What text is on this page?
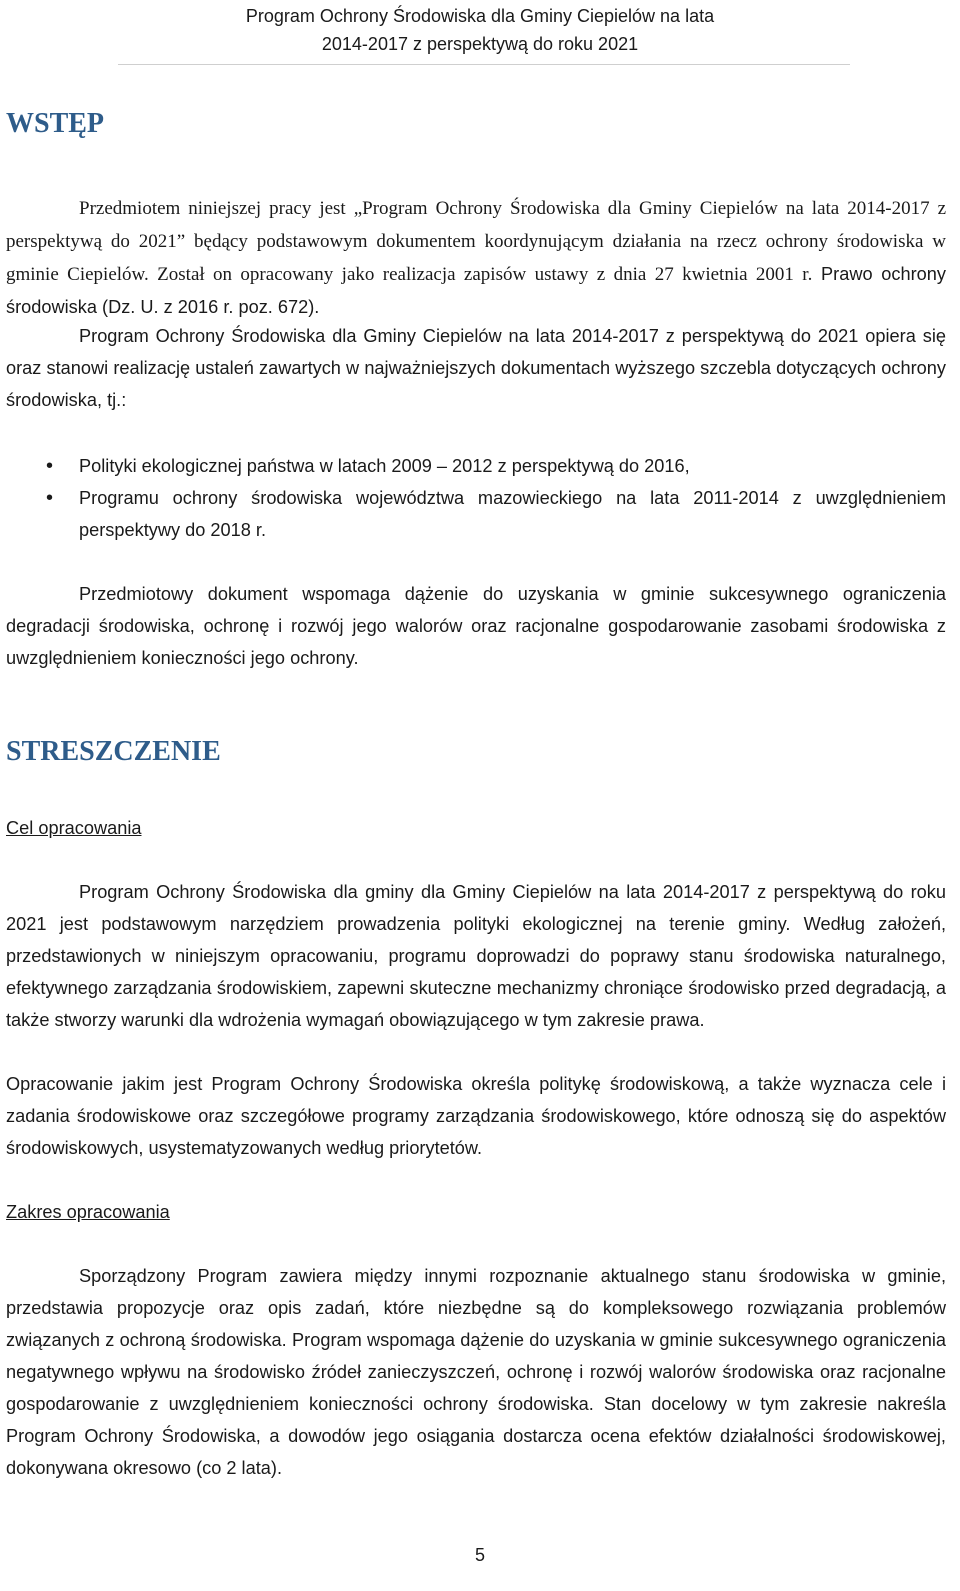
Program Ochrony Środowiska dla Gminy Ciepielów na lata
2014-2017 z perspektywą do roku 2021
WSTĘP

Przedmiotem niniejszej pracy jest „Program Ochrony Środowiska dla Gminy Ciepielów na lata 2014-2017 z perspektywą do 2021” będący podstawowym dokumentem koordynującym działania na rzecz ochrony środowiska w gminie Ciepielów. Został on opracowany jako realizacja zapisów ustawy z dnia 27 kwietnia 2001 r. Prawo ochrony środowiska (Dz. U. z 2016 r. poz. 672).

Program Ochrony Środowiska dla Gminy Ciepielów na lata 2014-2017 z perspektywą do 2021 opiera się oraz stanowi realizację ustaleń zawartych w najważniejszych dokumentach wyższego szczebla dotyczących ochrony środowiska, tj.:

• Polityki ekologicznej państwa w latach 2009 – 2012 z perspektywą do 2016,
• Programu ochrony środowiska województwa mazowieckiego na lata 2011-2014 z uwzględnieniem perspektywy do 2018 r.

Przedmiotowy dokument wspomaga dążenie do uzyskania w gminie sukcesywnego ograniczenia degradacji środowiska, ochronę i rozwój jego walorów oraz racjonalne gospodarowanie zasobami środowiska z uwzględnieniem konieczności jego ochrony.

STRESZCZENIE
Cel opracowania

Program Ochrony Środowiska dla gminy dla Gminy Ciepielów na lata 2014-2017 z perspektywą do roku 2021 jest podstawowym narzędziem prowadzenia polityki ekologicznej na terenie gminy. Według założeń, przedstawionych w niniejszym opracowaniu, programu doprowadzi do poprawy stanu środowiska naturalnego, efektywnego zarządzania środowiskiem, zapewni skuteczne mechanizmy chroniące środowisko przed degradacją, a także stworzy warunki dla wdrożenia wymagań obowiązującego w tym zakresie prawa.

Opracowanie jakim jest Program Ochrony Środowiska określa politykę środowiskową, a także wyznacza cele i zadania środowiskowe oraz szczegółowe programy zarządzania środowiskowego, które odnoszą się do aspektów środowiskowych, usystematyzowanych według priorytetów.

Zakres opracowania

Sporządzony Program zawiera między innymi rozpoznanie aktualnego stanu środowiska w gminie, przedstawia propozycje oraz opis zadań, które niezbędne są do kompleksowego rozwiązania problemów związanych z ochroną środowiska. Program wspomaga dążenie do uzyskania w gminie sukcesywnego ograniczenia negatywnego wpływu na środowisko źródeł zanieczyszczeń, ochronę i rozwój walorów środowiska oraz racjonalne gospodarowanie z uwzględnieniem konieczności ochrony środowiska. Stan docelowy w tym zakresie nakreśla Program Ochrony Środowiska, a dowodów jego osiągania dostarcza ocena efektów działalności środowiskowej, dokonywana okresowo (co 2 lata).

5
